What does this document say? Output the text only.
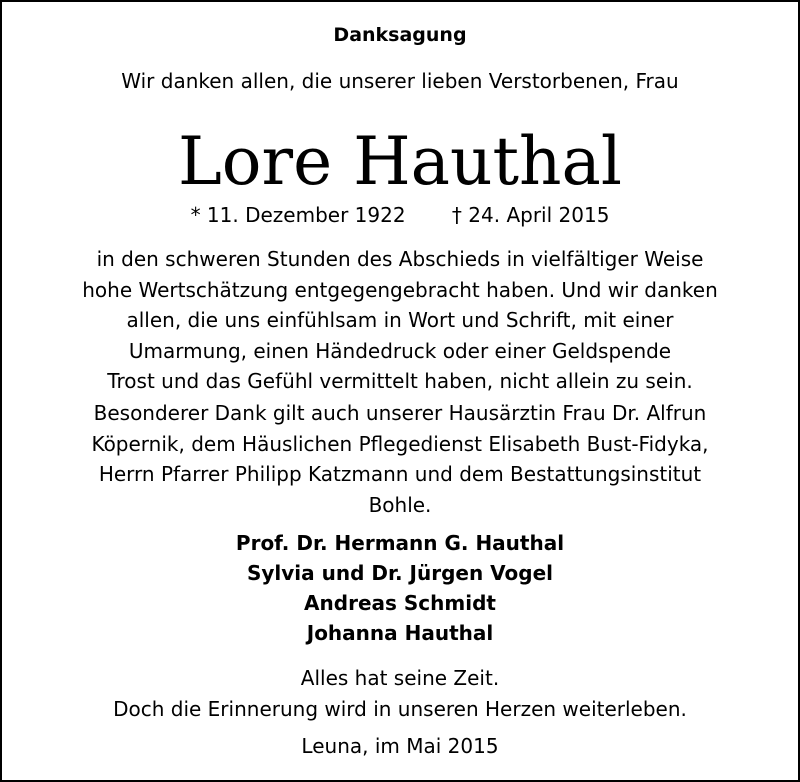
Danksagung
Wir danken allen, die unserer lieben Verstorbenen, Frau
Lore Hauthal
* 11. Dezember 1922 † 24. April 2015
in den schweren Stunden des Abschieds in vielfältiger Weise
hohe Wertschätzung entgegengebracht haben. Und wir danken
allen, die uns einfühlsam in Wort und Schrift, mit einer
Umarmung, einen Händedruck oder einer Geldspende
Trost und das Gefühl vermittelt haben, nicht allein zu sein.
Besonderer Dank gilt auch unserer Hausärztin Frau Dr. Alfrun
Köpernik, dem Häuslichen Pflegedienst Elisabeth Bust-Fidyka,
Herrn Pfarrer Philipp Katzmann und dem Bestattungsinstitut
Bohle.
Prof. Dr. Hermann G. Hauthal
Sylvia und Dr. Jürgen Vogel
Andreas Schmidt
Johanna Hauthal
Alles hat seine Zeit.
Doch die Erinnerung wird in unseren Herzen weiterleben.
Leuna, im Mai 2015
